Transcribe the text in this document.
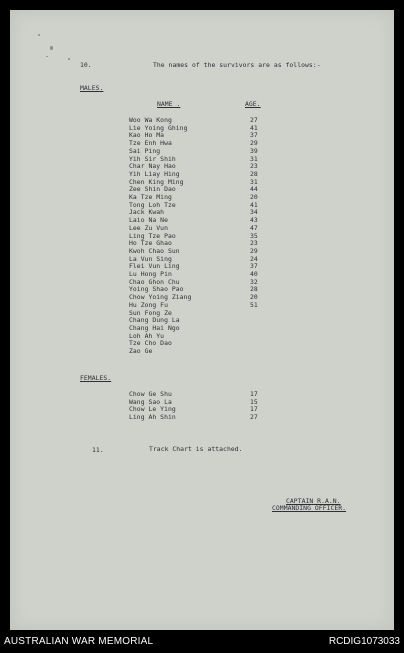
10.	The names of the survivors are as follows:-
MALES.
NAME .	AGE.
Woo Wa Kong	27
Lie Yoing Ghing	41
Kao Ho Ma	37
Tze Enh Hwa	29
Sai Ping	39
Yih Sir Shih	31
Char Nay Hao	23
Yih Liay Hing	28
Chen King Ming	31
Zee Shin Dao	44
Ka Tze Ming	20
Tong Loh Tze	41
Jack Kwah	34
Laio Na Ne	43
Lee Zu Vun	47
Ling Tze Pao	35
Ho Tze Ghao	23
Kwoh Chao Sun	29
La Vun Sing	24
Flei Vun Ling	37
Lu Hong Pin	40
Chao Ghon Chu	32
Yoing Shao Pao	28
Chow Yoing Ziang	20
Hu Zong Fu	51
Sun Fong Ze
Chang Dung La
Chang Hai Ngo
Loh Ah Yu
Tze Cho Dao
Zao Ge
FEMALES.
Chow Ge Shu	17
Wang Sao La	15
Chow Le Ying	17
Ling Ah Shin	27
11.	Track Chart is attached.
CAPTAIN R.A.N.
COMMANDING OFFICER.
AUSTRALIAN WAR MEMORIAL	RCDIG1073033
